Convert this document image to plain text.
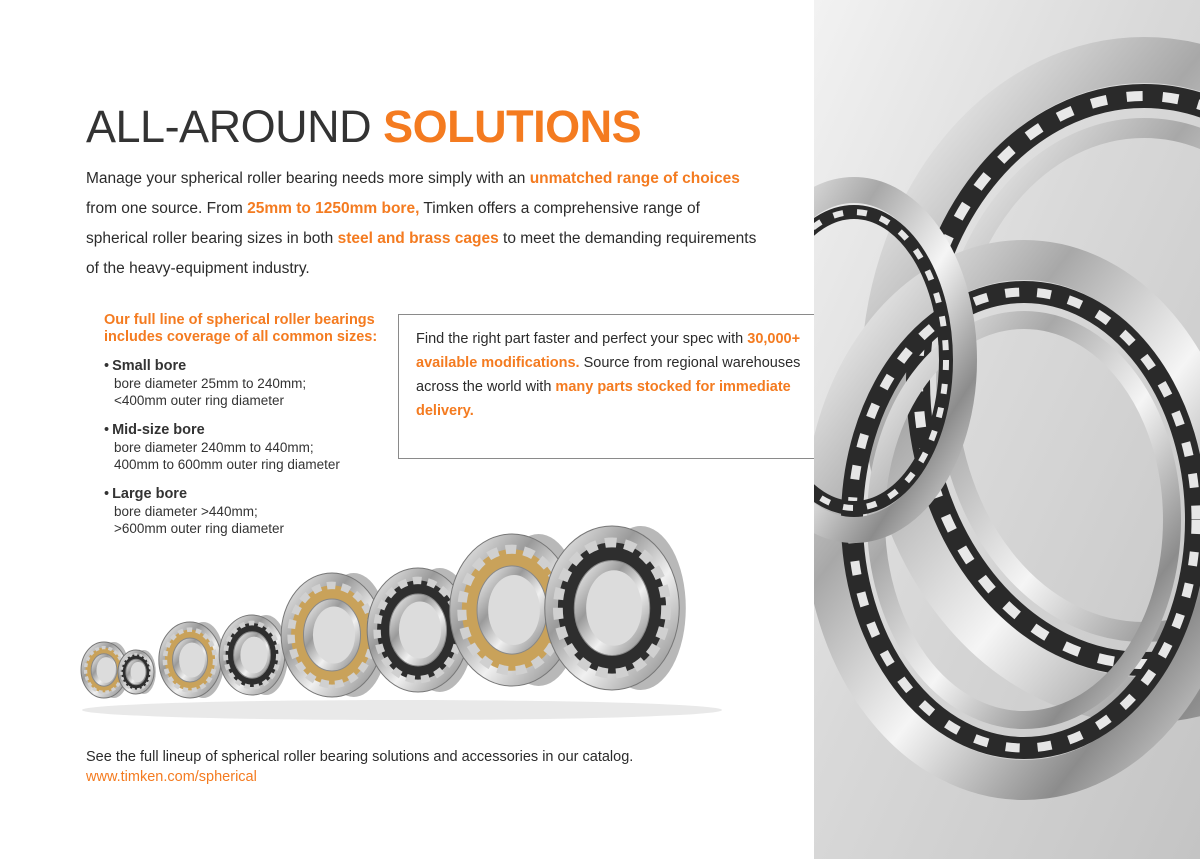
ALL-AROUND SOLUTIONS

Manage your spherical roller bearing needs more simply with an unmatched range of choices from one source. From 25mm to 1250mm bore, Timken offers a comprehensive range of spherical roller bearing sizes in both steel and brass cages to meet the demanding requirements of the heavy-equipment industry.

Our full line of spherical roller bearings includes coverage of all common sizes:
• Small bore
bore diameter 25mm to 240mm;
<400mm outer ring diameter
• Mid-size bore
bore diameter 240mm to 440mm;
400mm to 600mm outer ring diameter
• Large bore
bore diameter >440mm;
>600mm outer ring diameter
Find the right part faster and perfect your spec with 30,000+ available modifications. Source from regional warehouses across the world with many parts stocked for immediate delivery.
See the full lineup of spherical roller bearing solutions and accessories in our catalog.
www.timken.com/spherical
